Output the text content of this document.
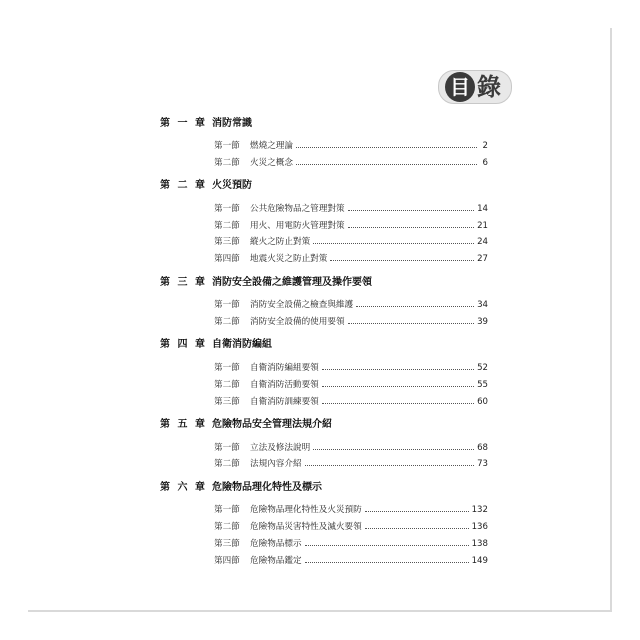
目 錄
第 一 章 消防常識
第一節	燃燒之理論	2
第二節	火災之概念	6
第 二 章 火災預防
第一節	公共危險物品之管理對策	14
第二節	用火、用電防火管理對策	21
第三節	縱火之防止對策	24
第四節	地震火災之防止對策	27
第 三 章 消防安全設備之維護管理及操作要領
第一節	消防安全設備之檢查與維護	34
第二節	消防安全設備的使用要領	39
第 四 章 自衛消防編組
第一節	自衛消防編組要領	52
第二節	自衛消防活動要領	55
第三節	自衛消防訓練要領	60
第 五 章 危險物品安全管理法規介紹
第一節	立法及修法說明	68
第二節	法規內容介紹	73
第 六 章 危險物品理化特性及標示
第一節	危險物品理化特性及火災預防	132
第二節	危險物品災害特性及滅火要領	136
第三節	危險物品標示	138
第四節	危險物品鑑定	149
